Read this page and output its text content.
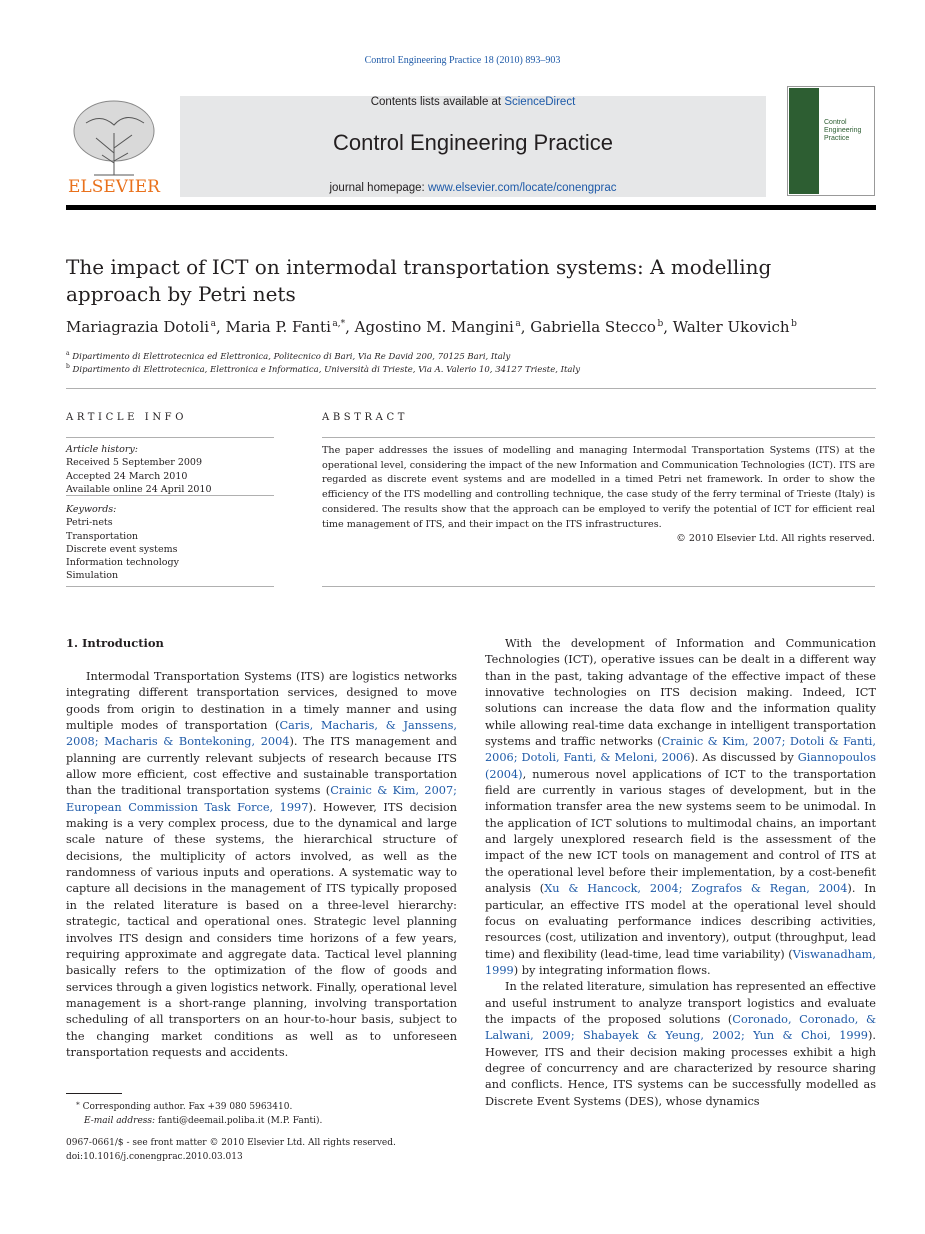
Control Engineering Practice 18 (2010) 893–903
ELSEVIER
Contents lists available at ScienceDirect
Control Engineering Practice
journal homepage: www.elsevier.com/locate/conengprac
Control
Engineering
Practice
The impact of ICT on intermodal transportation systems: A modelling
approach by Petri nets
Mariagrazia Dotoli  $^a$, Maria P. Fanti  $^{a,*}$, Agostino M. Mangini  $^a$, Gabriella Stecco  $^b$, Walter Ukovich  $^b$
$^a$ Dipartimento di Elettrotecnica ed Elettronica, Politecnico di Bari, Via Re David 200, 70125 Bari, Italy
$^b$ Dipartimento di Elettrotecnica, Elettronica e Informatica, Università di Trieste, Via A. Valerio 10, 34127 Trieste, Italy
ARTICLE INFO
Article history:
Received 5 September 2009
Accepted 24 March 2010
Available online 24 April 2010
Keywords:
Petri-nets
Transportation
Discrete event systems
Information technology
Simulation
ABSTRACT
The paper addresses the issues of modelling and managing Intermodal Transportation Systems (ITS) at the operational level, considering the impact of the new Information and Communication Technologies (ICT). ITS are regarded as discrete event systems and are modelled in a timed Petri net framework. In order to show the efficiency of the ITS modelling and controlling technique, the case study of the ferry terminal of Trieste (Italy) is considered. The results show that the approach can be employed to verify the potential of ICT for efficient real time management of ITS, and their impact on the ITS infrastructures.
© 2010 Elsevier Ltd. All rights reserved.
1. Introduction

Intermodal Transportation Systems (ITS) are logistics networks integrating different transportation services, designed to move goods from origin to destination in a timely manner and using multiple modes of transportation (Caris, Macharis, & Janssens, 2008; Macharis & Bontekoning, 2004). The ITS management and planning are currently relevant subjects of research because ITS allow more efficient, cost effective and sustainable transportation than the traditional transportation systems (Crainic & Kim, 2007; European Commission Task Force, 1997). However, ITS decision making is a very complex process, due to the dynamical and large scale nature of these systems, the hierarchical structure of decisions, the multiplicity of actors involved, as well as the randomness of various inputs and operations. A systematic way to capture all decisions in the management of ITS typically proposed in the related literature is based on a three-level hierarchy: strategic, tactical and operational ones. Strategic level planning involves ITS design and considers time horizons of a few years, requiring approximate and aggregate data. Tactical level planning basically refers to the optimization of the flow of goods and services through a given logistics network. Finally, operational level management is a short-range planning, involving transportation scheduling of all transporters on an hour-to-hour basis, subject to the changing market conditions as well as to unforeseen transportation requests and accidents.

With the development of Information and Communication Technologies (ICT), operative issues can be dealt in a different way than in the past, taking advantage of the effective impact of these innovative technologies on ITS decision making. Indeed, ICT solutions can increase the data flow and the information quality while allowing real-time data exchange in intelligent transportation systems and traffic networks (Crainic & Kim, 2007; Dotoli & Fanti, 2006; Dotoli, Fanti, & Meloni, 2006). As discussed by Giannopoulos (2004), numerous novel applications of ICT to the transportation field are currently in various stages of development, but in the information transfer area the new systems seem to be unimodal. In the application of ICT solutions to multimodal chains, an important and largely unexplored research field is the assessment of the impact of the new ICT tools on management and control of ITS at the operational level before their implementation, by a cost-benefit analysis (Xu & Hancock, 2004; Zografos & Regan, 2004). In particular, an effective ITS model at the operational level should focus on evaluating performance indices describing activities, resources (cost, utilization and inventory), output (throughput, lead time) and flexibility (lead-time, lead time variability) (Viswanadham, 1999) by integrating information flows.

In the related literature, simulation has represented an effective and useful instrument to analyze transport logistics and evaluate the impacts of the proposed solutions (Coronado, Coronado, & Lalwani, 2009; Shabayek & Yeung, 2002; Yun & Choi, 1999). However, ITS and their decision making processes exhibit a high degree of concurrency and are characterized by resource sharing and conflicts. Hence, ITS systems can be successfully modelled as Discrete Event Systems (DES), whose dynamics

⁎ Corresponding author. Fax +39 080 5963410.
E-mail address: fanti@deemail.poliba.it (M.P. Fanti).
0967-0661/$ - see front matter © 2010 Elsevier Ltd. All rights reserved.
doi:10.1016/j.conengprac.2010.03.013
